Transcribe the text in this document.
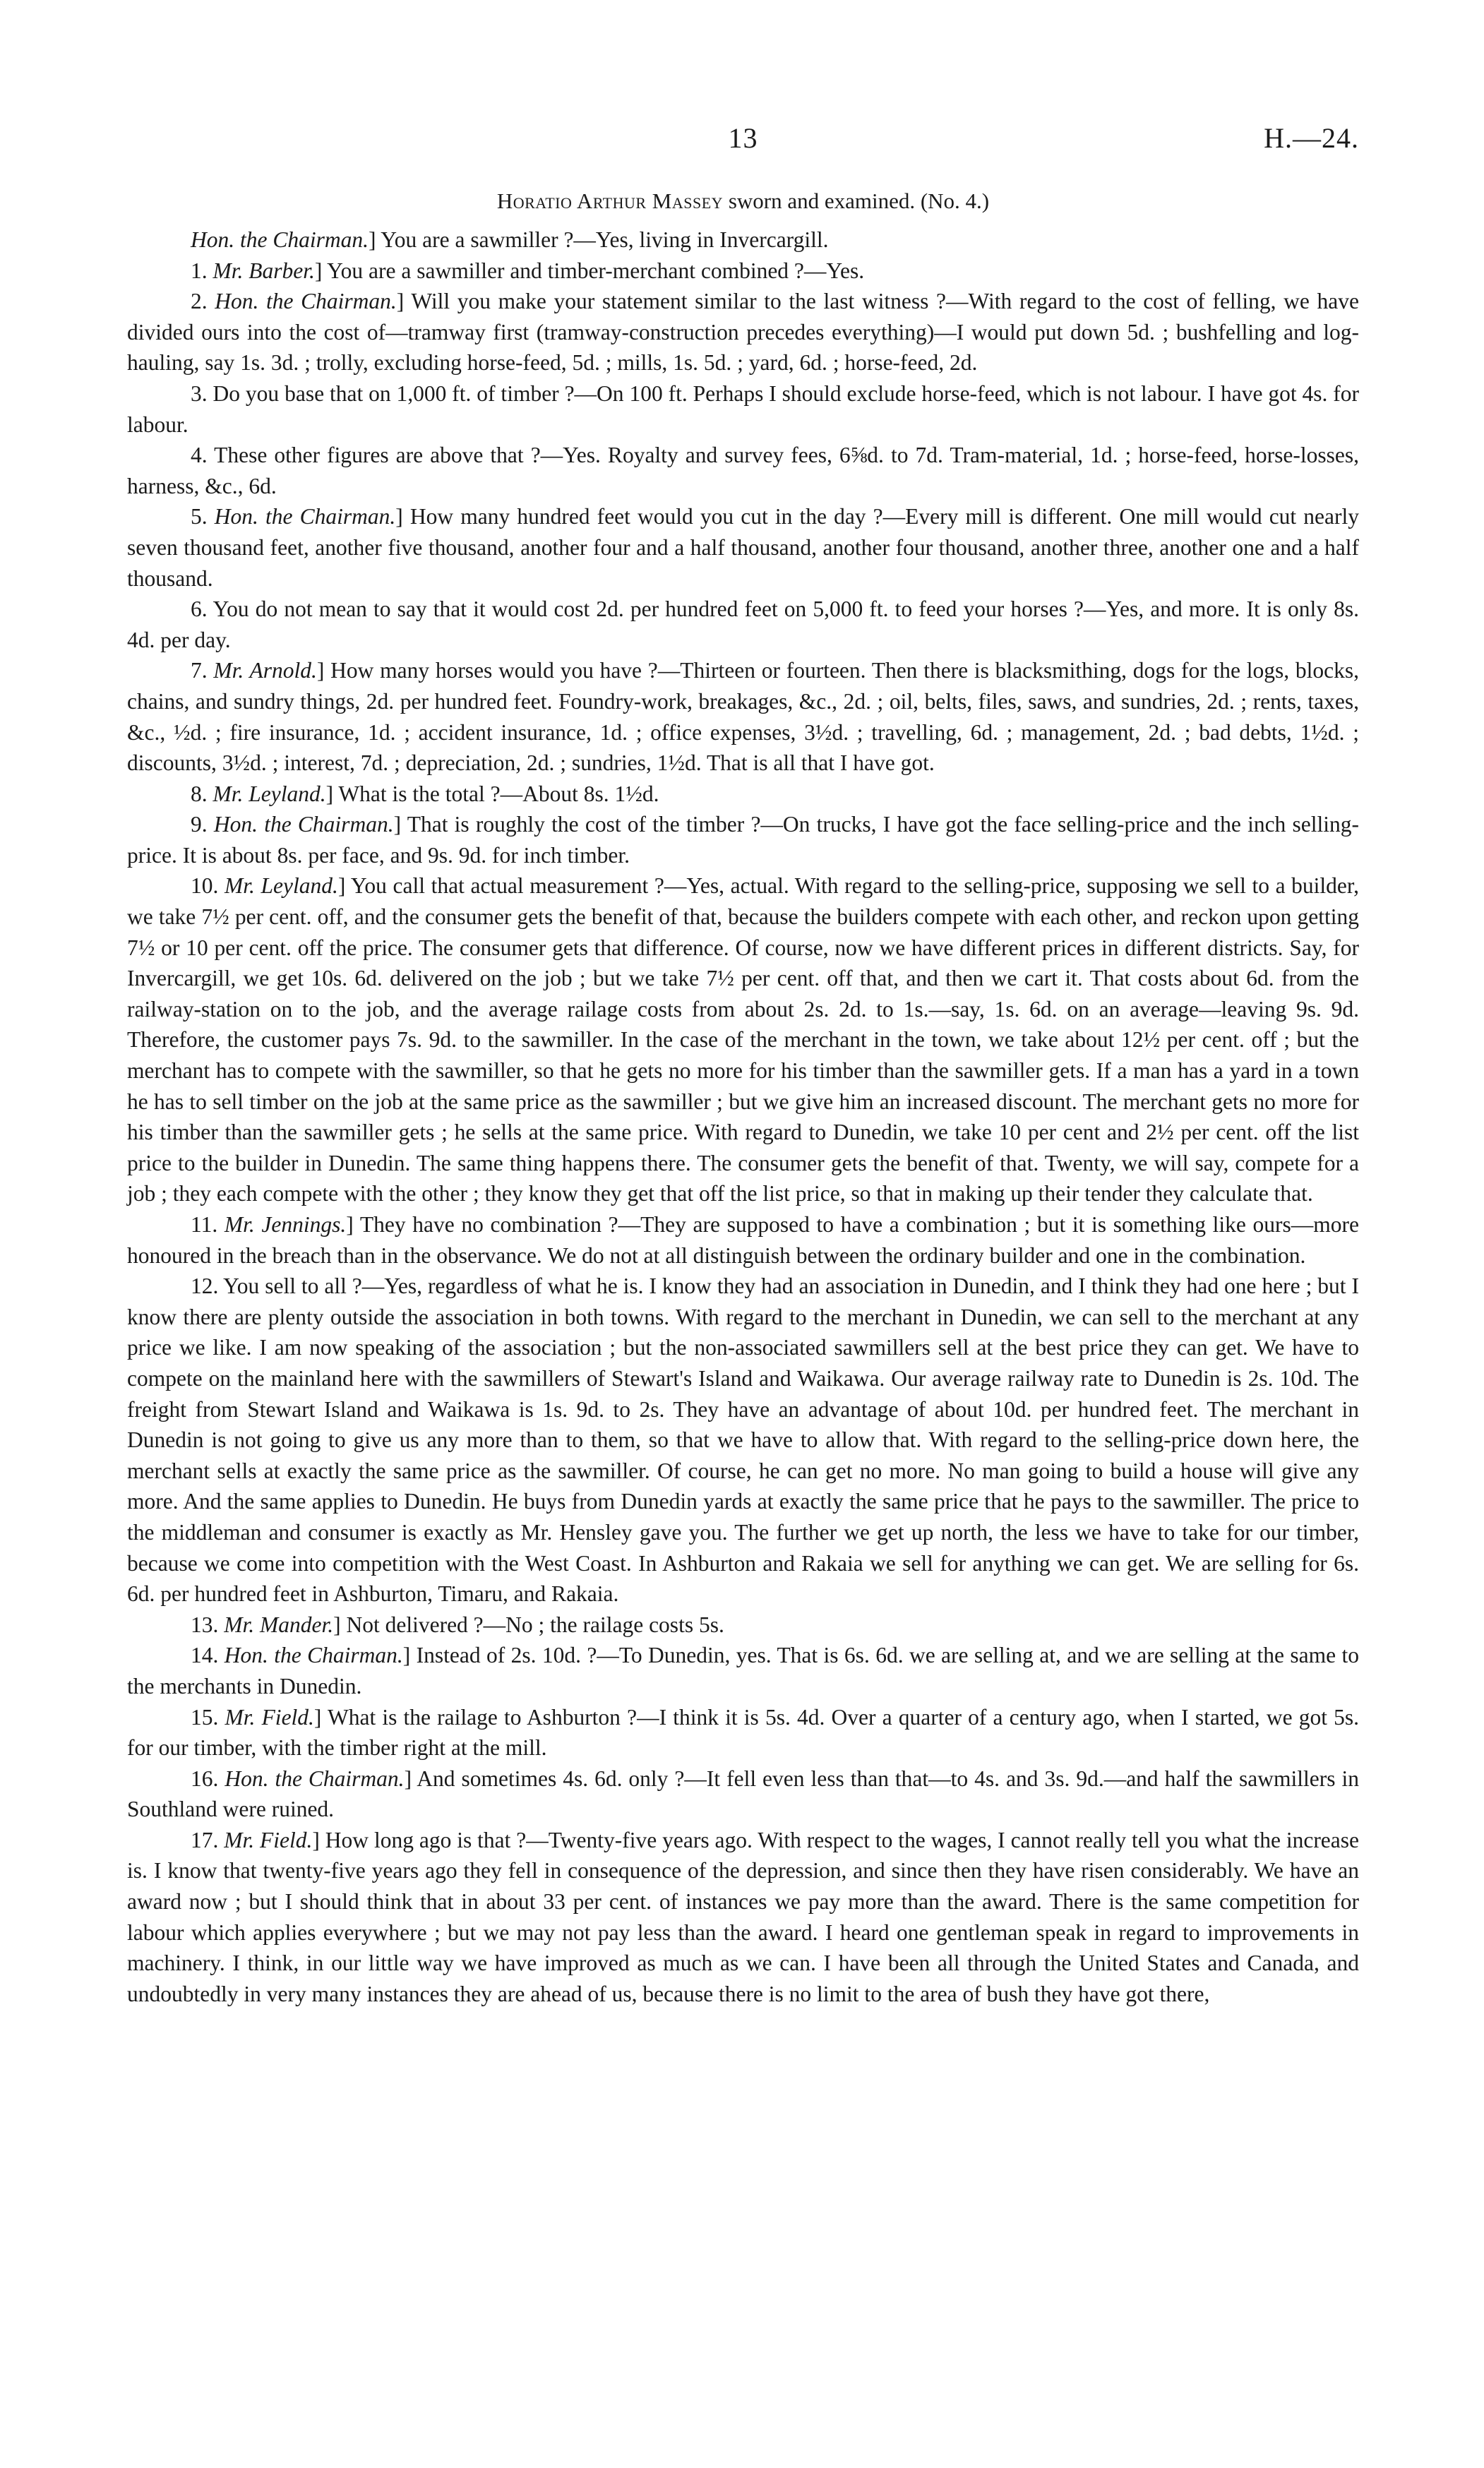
13	H.—24.
Horatio Arthur Massey sworn and examined. (No. 4.)

Hon. the Chairman.] You are a sawmiller ?—Yes, living in Invercargill.

1. Mr. Barber.] You are a sawmiller and timber-merchant combined ?—Yes.

2. Hon. the Chairman.] Will you make your statement similar to the last witness ?—With regard to the cost of felling, we have divided ours into the cost of—tramway first (tramway-construction precedes everything)—I would put down 5d. ; bushfelling and log-hauling, say 1s. 3d. ; trolly, excluding horse-feed, 5d. ; mills, 1s. 5d. ; yard, 6d. ; horse-feed, 2d.

3. Do you base that on 1,000 ft. of timber ?—On 100 ft. Perhaps I should exclude horse-feed, which is not labour. I have got 4s. for labour.

4. These other figures are above that ?—Yes. Royalty and survey fees, 6⅝d. to 7d. Tram-material, 1d. ; horse-feed, horse-losses, harness, &c., 6d.

5. Hon. the Chairman.] How many hundred feet would you cut in the day ?—Every mill is different. One mill would cut nearly seven thousand feet, another five thousand, another four and a half thousand, another four thousand, another three, another one and a half thousand.

6. You do not mean to say that it would cost 2d. per hundred feet on 5,000 ft. to feed your horses ?—Yes, and more. It is only 8s. 4d. per day.

7. Mr. Arnold.] How many horses would you have ?—Thirteen or fourteen. Then there is blacksmithing, dogs for the logs, blocks, chains, and sundry things, 2d. per hundred feet. Foundry-work, breakages, &c., 2d. ; oil, belts, files, saws, and sundries, 2d. ; rents, taxes, &c., ½d. ; fire insurance, 1d. ; accident insurance, 1d. ; office expenses, 3½d. ; travelling, 6d. ; management, 2d. ; bad debts, 1½d. ; discounts, 3½d. ; interest, 7d. ; depreciation, 2d. ; sundries, 1½d. That is all that I have got.

8. Mr. Leyland.] What is the total ?—About 8s. 1½d.

9. Hon. the Chairman.] That is roughly the cost of the timber ?—On trucks, I have got the face selling-price and the inch selling-price. It is about 8s. per face, and 9s. 9d. for inch timber.

10. Mr. Leyland.] You call that actual measurement ?—Yes, actual. With regard to the selling-price, supposing we sell to a builder, we take 7½ per cent. off, and the consumer gets the benefit of that, because the builders compete with each other, and reckon upon getting 7½ or 10 per cent. off the price. The consumer gets that difference. Of course, now we have different prices in different districts. Say, for Invercargill, we get 10s. 6d. delivered on the job ; but we take 7½ per cent. off that, and then we cart it. That costs about 6d. from the railway-station on to the job, and the average railage costs from about 2s. 2d. to 1s.—say, 1s. 6d. on an average—leaving 9s. 9d. Therefore, the customer pays 7s. 9d. to the sawmiller. In the case of the merchant in the town, we take about 12½ per cent. off ; but the merchant has to compete with the sawmiller, so that he gets no more for his timber than the sawmiller gets. If a man has a yard in a town he has to sell timber on the job at the same price as the sawmiller ; but we give him an increased discount. The merchant gets no more for his timber than the sawmiller gets ; he sells at the same price. With regard to Dunedin, we take 10 per cent and 2½ per cent. off the list price to the builder in Dunedin. The same thing happens there. The consumer gets the benefit of that. Twenty, we will say, compete for a job ; they each compete with the other ; they know they get that off the list price, so that in making up their tender they calculate that.

11. Mr. Jennings.] They have no combination ?—They are supposed to have a combination ; but it is something like ours—more honoured in the breach than in the observance. We do not at all distinguish between the ordinary builder and one in the combination.

12. You sell to all ?—Yes, regardless of what he is. I know they had an association in Dunedin, and I think they had one here ; but I know there are plenty outside the association in both towns. With regard to the merchant in Dunedin, we can sell to the merchant at any price we like. I am now speaking of the association ; but the non-associated sawmillers sell at the best price they can get. We have to compete on the mainland here with the sawmillers of Stewart's Island and Waikawa. Our average railway rate to Dunedin is 2s. 10d. The freight from Stewart Island and Waikawa is 1s. 9d. to 2s. They have an advantage of about 10d. per hundred feet. The merchant in Dunedin is not going to give us any more than to them, so that we have to allow that. With regard to the selling-price down here, the merchant sells at exactly the same price as the sawmiller. Of course, he can get no more. No man going to build a house will give any more. And the same applies to Dunedin. He buys from Dunedin yards at exactly the same price that he pays to the sawmiller. The price to the middleman and consumer is exactly as Mr. Hensley gave you. The further we get up north, the less we have to take for our timber, because we come into competition with the West Coast. In Ashburton and Rakaia we sell for anything we can get. We are selling for 6s. 6d. per hundred feet in Ashburton, Timaru, and Rakaia.

13. Mr. Mander.] Not delivered ?—No ; the railage costs 5s.

14. Hon. the Chairman.] Instead of 2s. 10d. ?—To Dunedin, yes. That is 6s. 6d. we are selling at, and we are selling at the same to the merchants in Dunedin.

15. Mr. Field.] What is the railage to Ashburton ?—I think it is 5s. 4d. Over a quarter of a century ago, when I started, we got 5s. for our timber, with the timber right at the mill.

16. Hon. the Chairman.] And sometimes 4s. 6d. only ?—It fell even less than that—to 4s. and 3s. 9d.—and half the sawmillers in Southland were ruined.

17. Mr. Field.] How long ago is that ?—Twenty-five years ago. With respect to the wages, I cannot really tell you what the increase is. I know that twenty-five years ago they fell in consequence of the depression, and since then they have risen considerably. We have an award now ; but I should think that in about 33 per cent. of instances we pay more than the award. There is the same competition for labour which applies everywhere ; but we may not pay less than the award. I heard one gentleman speak in regard to improvements in machinery. I think, in our little way we have improved as much as we can. I have been all through the United States and Canada, and undoubtedly in very many instances they are ahead of us, because there is no limit to the area of bush they have got there,
